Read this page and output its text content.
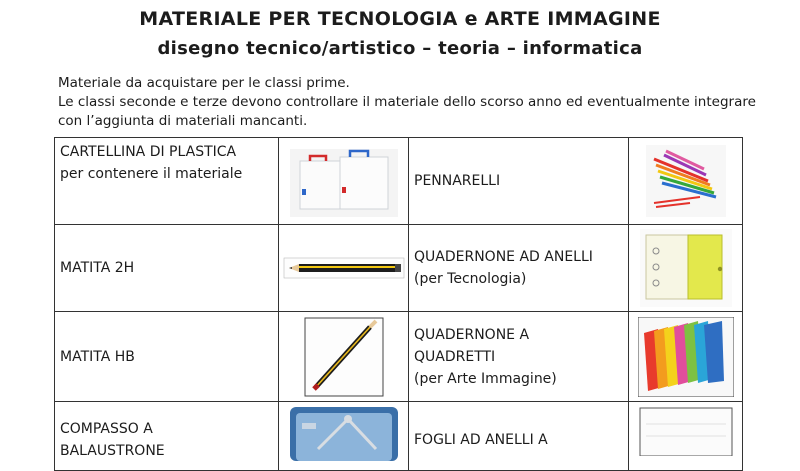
MATERIALE PER TECNOLOGIA e ARTE IMMAGINE
disegno tecnico/artistico – teoria – informatica
Materiale da acquistare per le classi prime.
Le classi seconde e terze devono controllare il materiale dello scorso anno ed eventualmente integrare
con l’aggiunta di materiali mancanti.
CARTELLINA DI PLASTICA
per contenere il materiale		PENNARELLI

MATITA 2H		QUADERNONE AD ANELLI
(per Tecnologia)

MATITA HB		QUADERNONE A
QUADRETTI
(per Arte Immagine)

COMPASSO A
BALAUSTRONE		FOGLI AD ANELLI A
